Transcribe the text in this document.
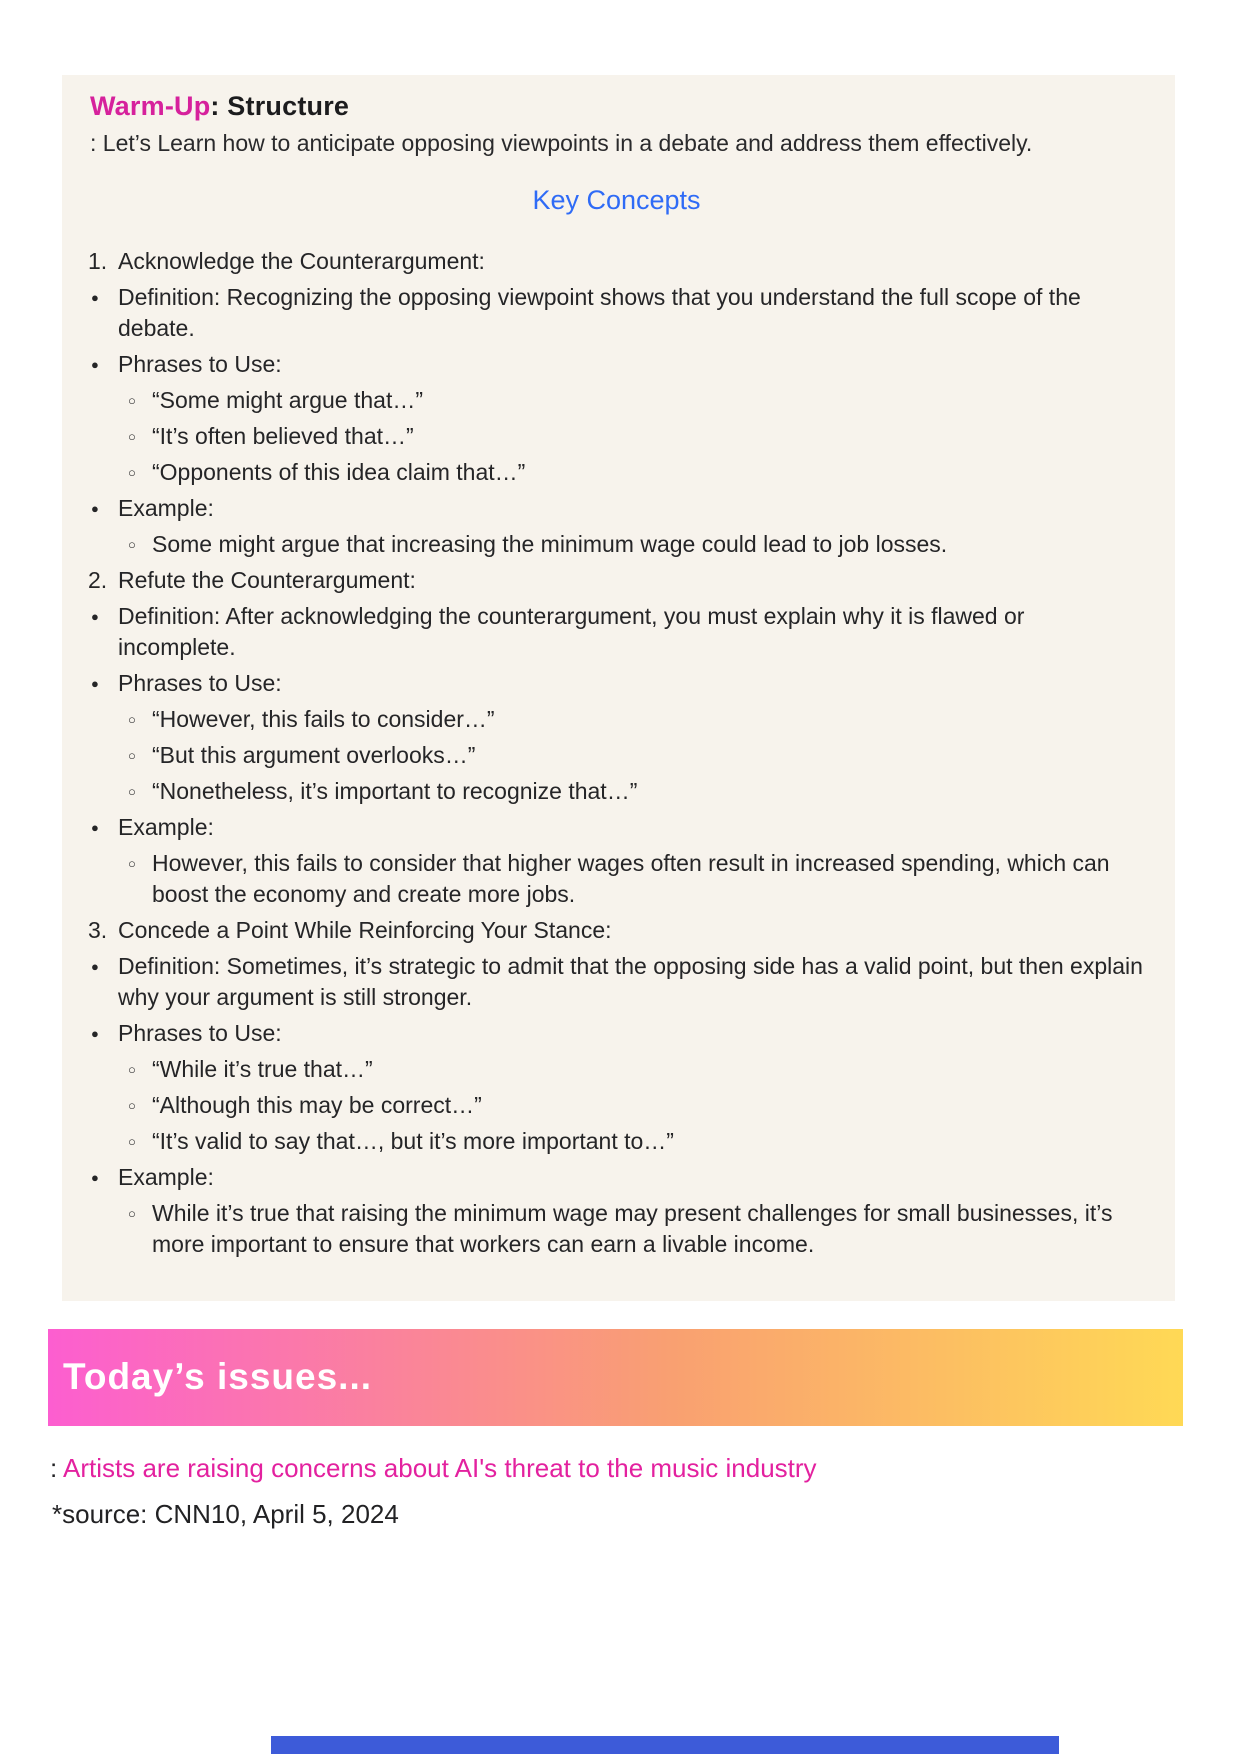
Warm-Up: Structure
: Let’s Learn how to anticipate opposing viewpoints in a debate and address them effectively.
Key Concepts
1. Acknowledge the Counterargument:
● Definition: Recognizing the opposing viewpoint shows that you understand the full scope of the debate.
● Phrases to Use:
○ “Some might argue that…”
○ “It’s often believed that…”
○ “Opponents of this idea claim that…”
● Example:
○ Some might argue that increasing the minimum wage could lead to job losses.
2. Refute the Counterargument:
● Definition: After acknowledging the counterargument, you must explain why it is flawed or incomplete.
● Phrases to Use:
○ “However, this fails to consider…”
○ “But this argument overlooks…”
○ “Nonetheless, it’s important to recognize that…”
● Example:
○ However, this fails to consider that higher wages often result in increased spending, which can boost the economy and create more jobs.
3. Concede a Point While Reinforcing Your Stance:
● Definition: Sometimes, it’s strategic to admit that the opposing side has a valid point, but then explain why your argument is still stronger.
● Phrases to Use:
○ “While it’s true that…”
○ “Although this may be correct…”
○ “It’s valid to say that…, but it’s more important to…”
● Example:
○ While it’s true that raising the minimum wage may present challenges for small businesses, it’s more important to ensure that workers can earn a livable income.
Today’s issues...
: Artists are raising concerns about AI's threat to the music industry
*source: CNN10, April 5, 2024
